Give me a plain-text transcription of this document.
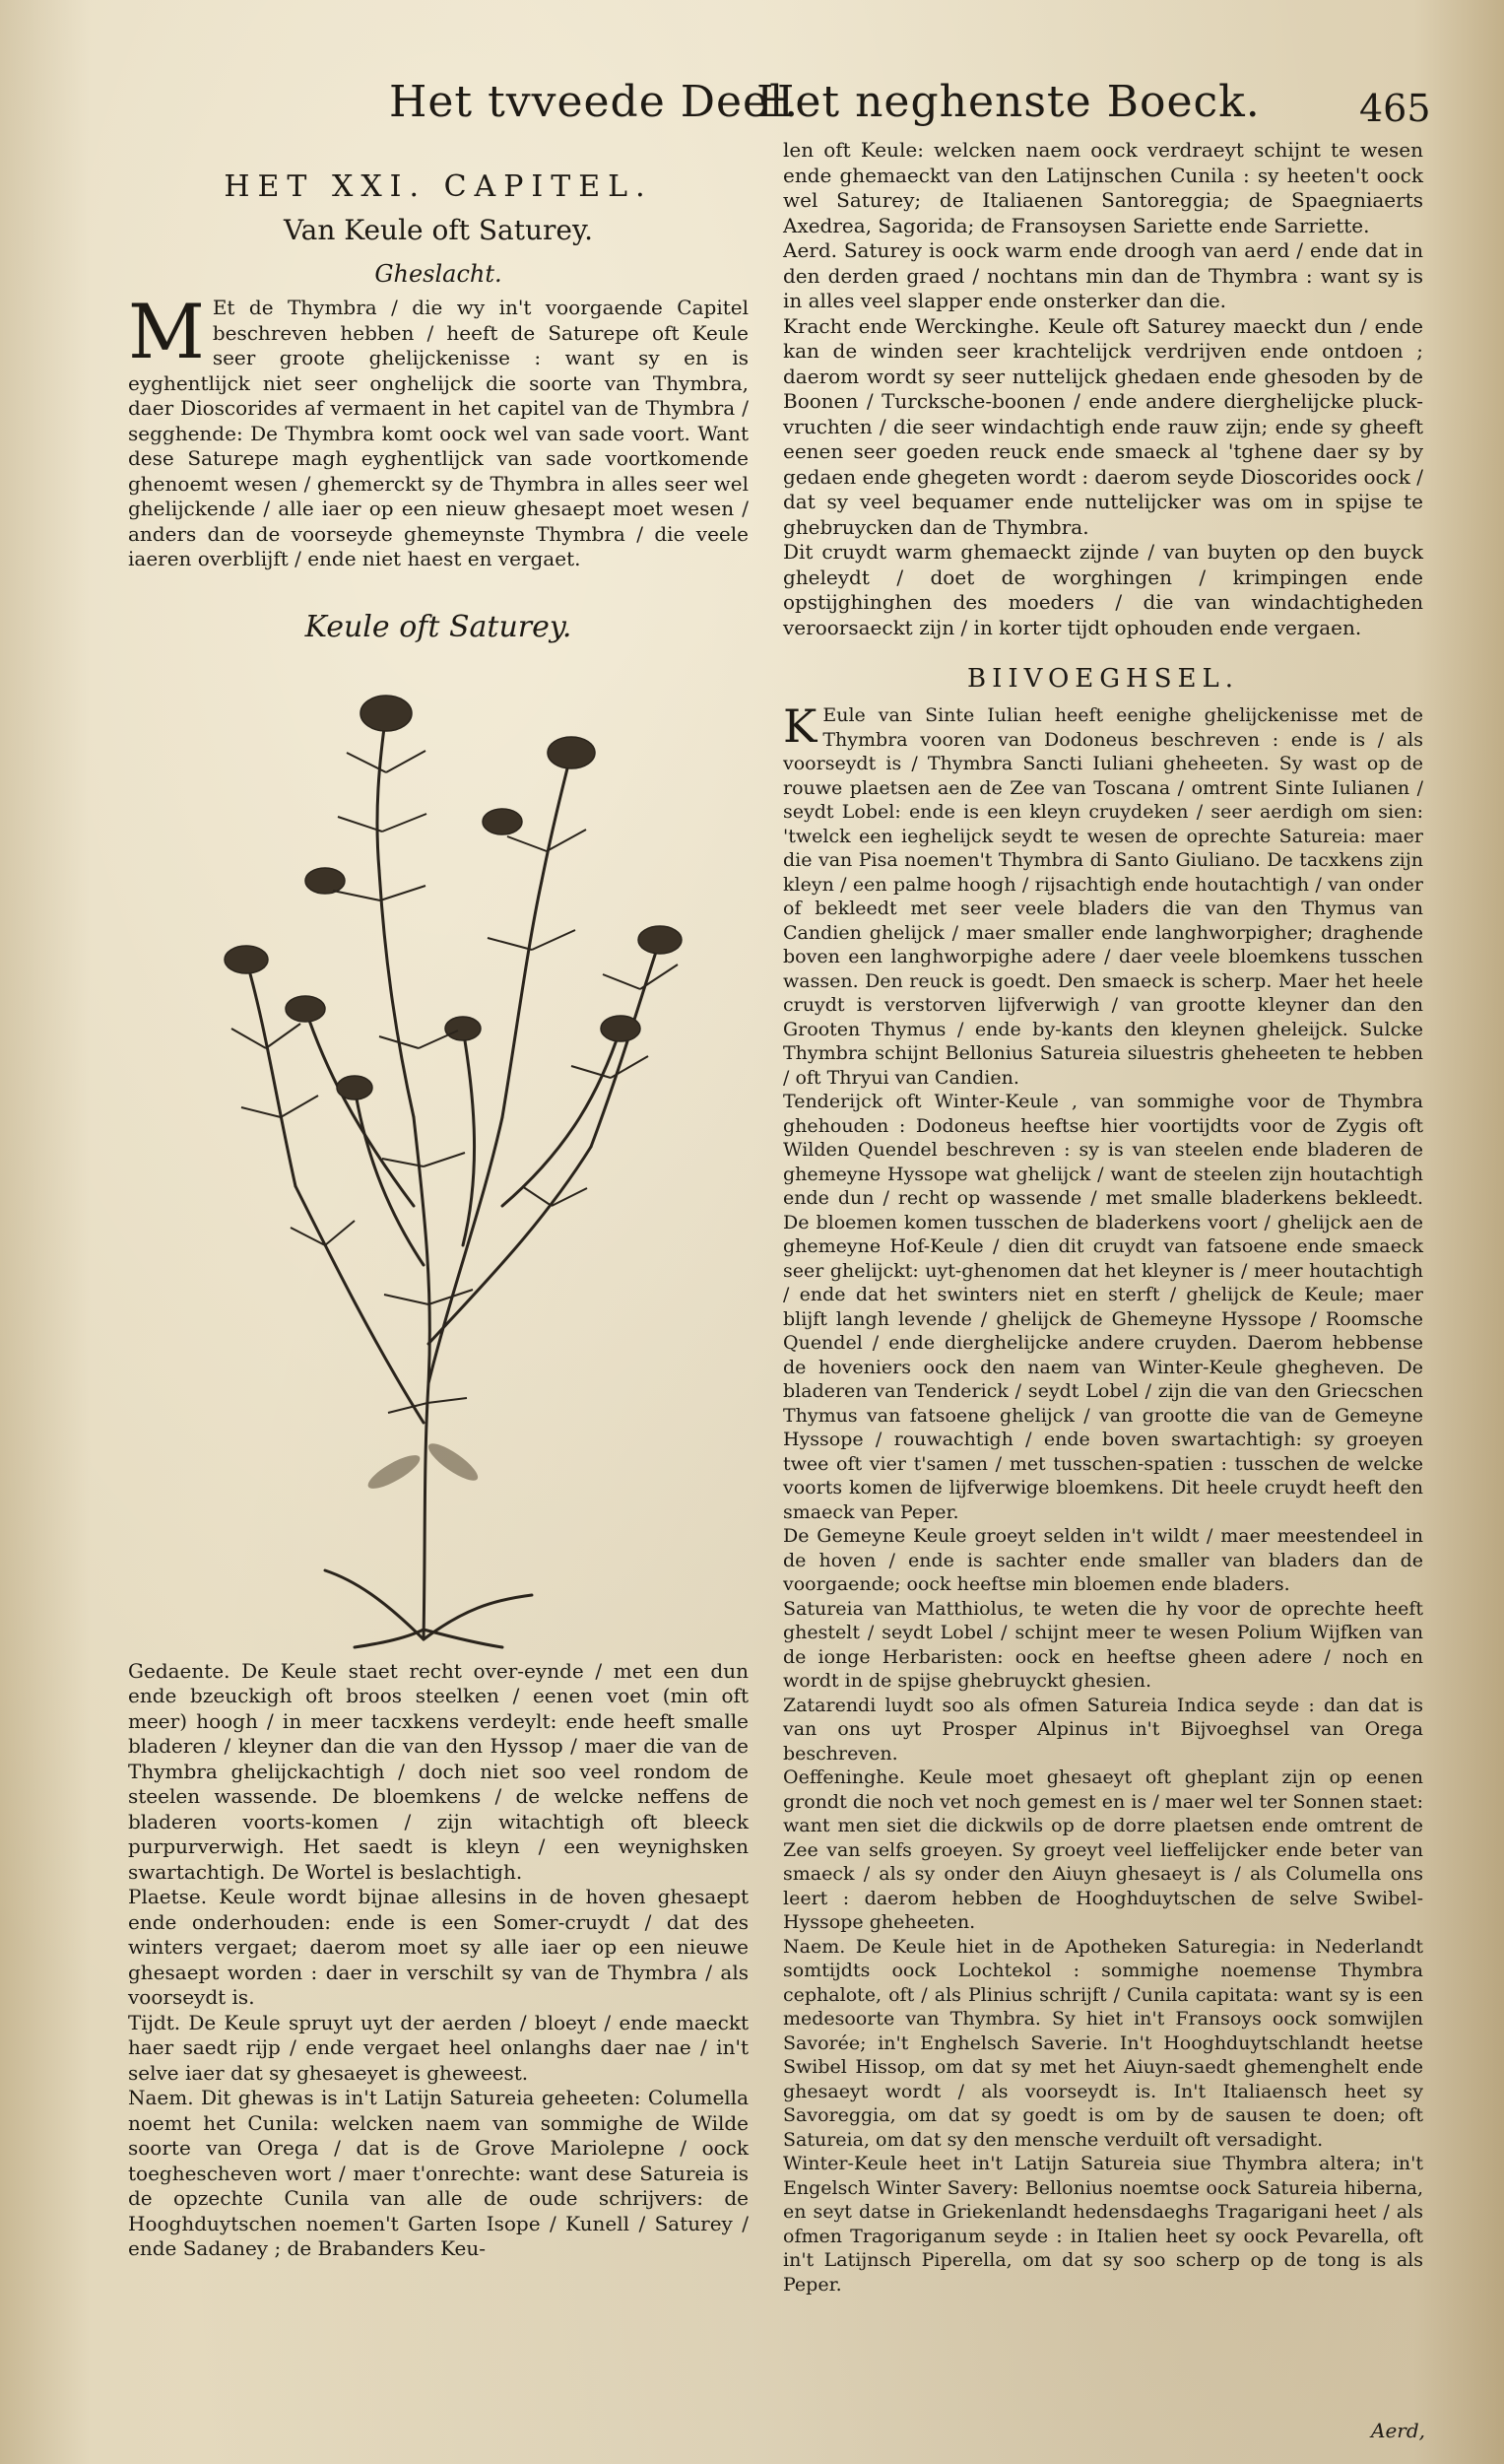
Het tvveede Deel.
Het neghenste Boeck.	465
HET XXI. CAPITEL.
Van Keule oft Saturey.
Gheslacht.

M Et de Thymbra / die wy in't voorgaende Capitel beschreven hebben / heeft de Saturepe oft Keule seer groote ghelijckenisse : want sy en is eyghentlijck niet seer onghelijck die soorte van Thymbra, daer Dioscorides af vermaent in het capitel van de Thymbra / segghende: De Thymbra komt oock wel van sade voort. Want dese Saturepe magh eyghentlijck van sade voortkomende ghenoemt wesen / ghemerckt sy de Thymbra in alles seer wel ghelijckende / alle iaer op een nieuw ghesaept moet wesen / anders dan de voorseyde ghemeynste Thymbra / die veele iaeren overblijft / ende niet haest en vergaet.

Keule oft Saturey.

Gedaente. De Keule staet recht over-eynde / met een dun ende bzeuckigh oft broos steelken / eenen voet (min oft meer) hoogh / in meer tacxkens verdeylt: ende heeft smalle bladeren / kleyner dan die van den Hyssop / maer die van de Thymbra ghelijckachtigh / doch niet soo veel rondom de steelen wassende. De bloemkens / de welcke neffens de bladeren voorts-komen / zijn witachtigh oft bleeck purpurverwigh. Het saedt is kleyn / een weynighsken swartachtigh. De Wortel is beslachtigh.

Plaetse. Keule wordt bijnae allesins in de hoven ghesaept ende onderhouden: ende is een Somer-cruydt / dat des winters vergaet; daerom moet sy alle iaer op een nieuwe ghesaept worden : daer in verschilt sy van de Thymbra / als voorseydt is.

Tijdt. De Keule spruyt uyt der aerden / bloeyt / ende maeckt haer saedt rijp / ende vergaet heel onlanghs daer nae / in't selve iaer dat sy ghesaeyet is gheweest.

Naem. Dit ghewas is in't Latijn Satureia geheeten: Columella noemt het Cunila: welcken naem van sommighe de Wilde soorte van Orega / dat is de Grove Mariolepne / oock toeghescheven wort / maer t'onrechte: want dese Satureia is de opzechte Cunila van alle de oude schrijvers: de Hooghduytschen noemen't Garten Isope / Kunell / Saturey / ende Sadaney ; de Brabanders Keu-

len oft Keule: welcken naem oock verdraeyt schijnt te wesen ende ghemaeckt van den Latijnschen Cunila : sy heeten't oock wel Saturey; de Italiaenen Santoreggia; de Spaegniaerts Axedrea, Sagorida; de Fransoysen Sariette ende Sarriette.

Aerd. Saturey is oock warm ende droogh van aerd / ende dat in den derden graed / nochtans min dan de Thymbra : want sy is in alles veel slapper ende onsterker dan die.

Kracht ende Werckinghe. Keule oft Saturey maeckt dun / ende kan de winden seer krachtelijck verdrijven ende ontdoen ; daerom wordt sy seer nuttelijck ghedaen ende ghesoden by de Boonen / Turcksche-boonen / ende andere dierghelijcke pluck-vruchten / die seer windachtigh ende rauw zijn; ende sy gheeft eenen seer goeden reuck ende smaeck al 'tghene daer sy by gedaen ende ghegeten wordt : daerom seyde Dioscorides oock / dat sy veel bequamer ende nuttelijcker was om in spijse te ghebruycken dan de Thymbra.

Dit cruydt warm ghemaeckt zijnde / van buyten op den buyck gheleydt / doet de worghingen / krimpingen ende opstijghinghen des moeders / die van windachtigheden veroorsaeckt zijn / in korter tijdt ophouden ende vergaen.

BIIVOEGHSEL.

K Eule van Sinte Iulian heeft eenighe ghelijckenisse met de Thymbra vooren van Dodoneus beschreven : ende is / als voorseydt is / Thymbra Sancti Iuliani gheheeten. Sy wast op de rouwe plaetsen aen de Zee van Toscana / omtrent Sinte Iulianen / seydt Lobel: ende is een kleyn cruydeken / seer aerdigh om sien: 'twelck een ieghelijck seydt te wesen de oprechte Satureia: maer die van Pisa noemen't Thymbra di Santo Giuliano. De tacxkens zijn kleyn / een palme hoogh / rijsachtigh ende houtachtigh / van onder of bekleedt met seer veele bladers die van den Thymus van Candien ghelijck / maer smaller ende langhworpigher; draghende boven een langhworpighe adere / daer veele bloemkens tusschen wassen. Den reuck is goedt. Den smaeck is scherp. Maer het heele cruydt is verstorven lijfverwigh / van grootte kleyner dan den Grooten Thymus / ende by-kants den kleynen gheleijck. Sulcke Thymbra schijnt Bellonius Satureia siluestris gheheeten te hebben / oft Thryui van Candien.

Tenderijck oft Winter-Keule , van sommighe voor de Thymbra ghehouden : Dodoneus heeftse hier voortijdts voor de Zygis oft Wilden Quendel beschreven : sy is van steelen ende bladeren de ghemeyne Hyssope wat ghelijck / want de steelen zijn houtachtigh ende dun / recht op wassende / met smalle bladerkens bekleedt. De bloemen komen tusschen de bladerkens voort / ghelijck aen de ghemeyne Hof-Keule / dien dit cruydt van fatsoene ende smaeck seer ghelijckt: uyt-ghenomen dat het kleyner is / meer houtachtigh / ende dat het swinters niet en sterft / ghelijck de Keule; maer blijft langh levende / ghelijck de Ghemeyne Hyssope / Roomsche Quendel / ende dierghelijcke andere cruyden. Daerom hebbense de hoveniers oock den naem van Winter-Keule ghegheven. De bladeren van Tenderick / seydt Lobel / zijn die van den Griecschen Thymus van fatsoene ghelijck / van grootte die van de Gemeyne Hyssope / rouwachtigh / ende boven swartachtigh: sy groeyen twee oft vier t'samen / met tusschen-spatien : tusschen de welcke voorts komen de lijfverwige bloemkens. Dit heele cruydt heeft den smaeck van Peper.

De Gemeyne Keule groeyt selden in't wildt / maer meestendeel in de hoven / ende is sachter ende smaller van bladers dan de voorgaende; oock heeftse min bloemen ende bladers.

Satureia van Matthiolus, te weten die hy voor de oprechte heeft ghestelt / seydt Lobel / schijnt meer te wesen Polium Wijfken van de ionge Herbaristen: oock en heeftse gheen adere / noch en wordt in de spijse ghebruyckt ghesien.

Zatarendi luydt soo als ofmen Satureia Indica seyde : dan dat is van ons uyt Prosper Alpinus in't Bijvoeghsel van Orega beschreven.

Oeffeninghe. Keule moet ghesaeyt oft gheplant zijn op eenen grondt die noch vet noch gemest en is / maer wel ter Sonnen staet: want men siet die dickwils op de dorre plaetsen ende omtrent de Zee van selfs groeyen. Sy groeyt veel lieffelijcker ende beter van smaeck / als sy onder den Aiuyn ghesaeyt is / als Columella ons leert : daerom hebben de Hooghduytschen de selve Swibel-Hyssope gheheeten.

Naem. De Keule hiet in de Apotheken Saturegia: in Nederlandt somtijdts oock Lochtekol : sommighe noemense Thymbra cephalote, oft / als Plinius schrijft / Cunila capitata: want sy is een medesoorte van Thymbra. Sy hiet in't Fransoys oock somwijlen Savorée; in't Enghelsch Saverie. In't Hooghduytschlandt heetse Swibel Hissop, om dat sy met het Aiuyn-saedt ghemenghelt ende ghesaeyt wordt / als voorseydt is. In't Italiaensch heet sy Savoreggia, om dat sy goedt is om by de sausen te doen; oft Satureia, om dat sy den mensche verduilt oft versadight.

Winter-Keule heet in't Latijn Satureia siue Thymbra altera; in't Engelsch Winter Savery: Bellonius noemtse oock Satureia hiberna, en seyt datse in Griekenlandt hedensdaeghs Tragarigani heet / als ofmen Tragoriganum seyde : in Italien heet sy oock Pevarella, oft in't Latijnsch Piperella, om dat sy soo scherp op de tong is als Peper.

Aerd,
